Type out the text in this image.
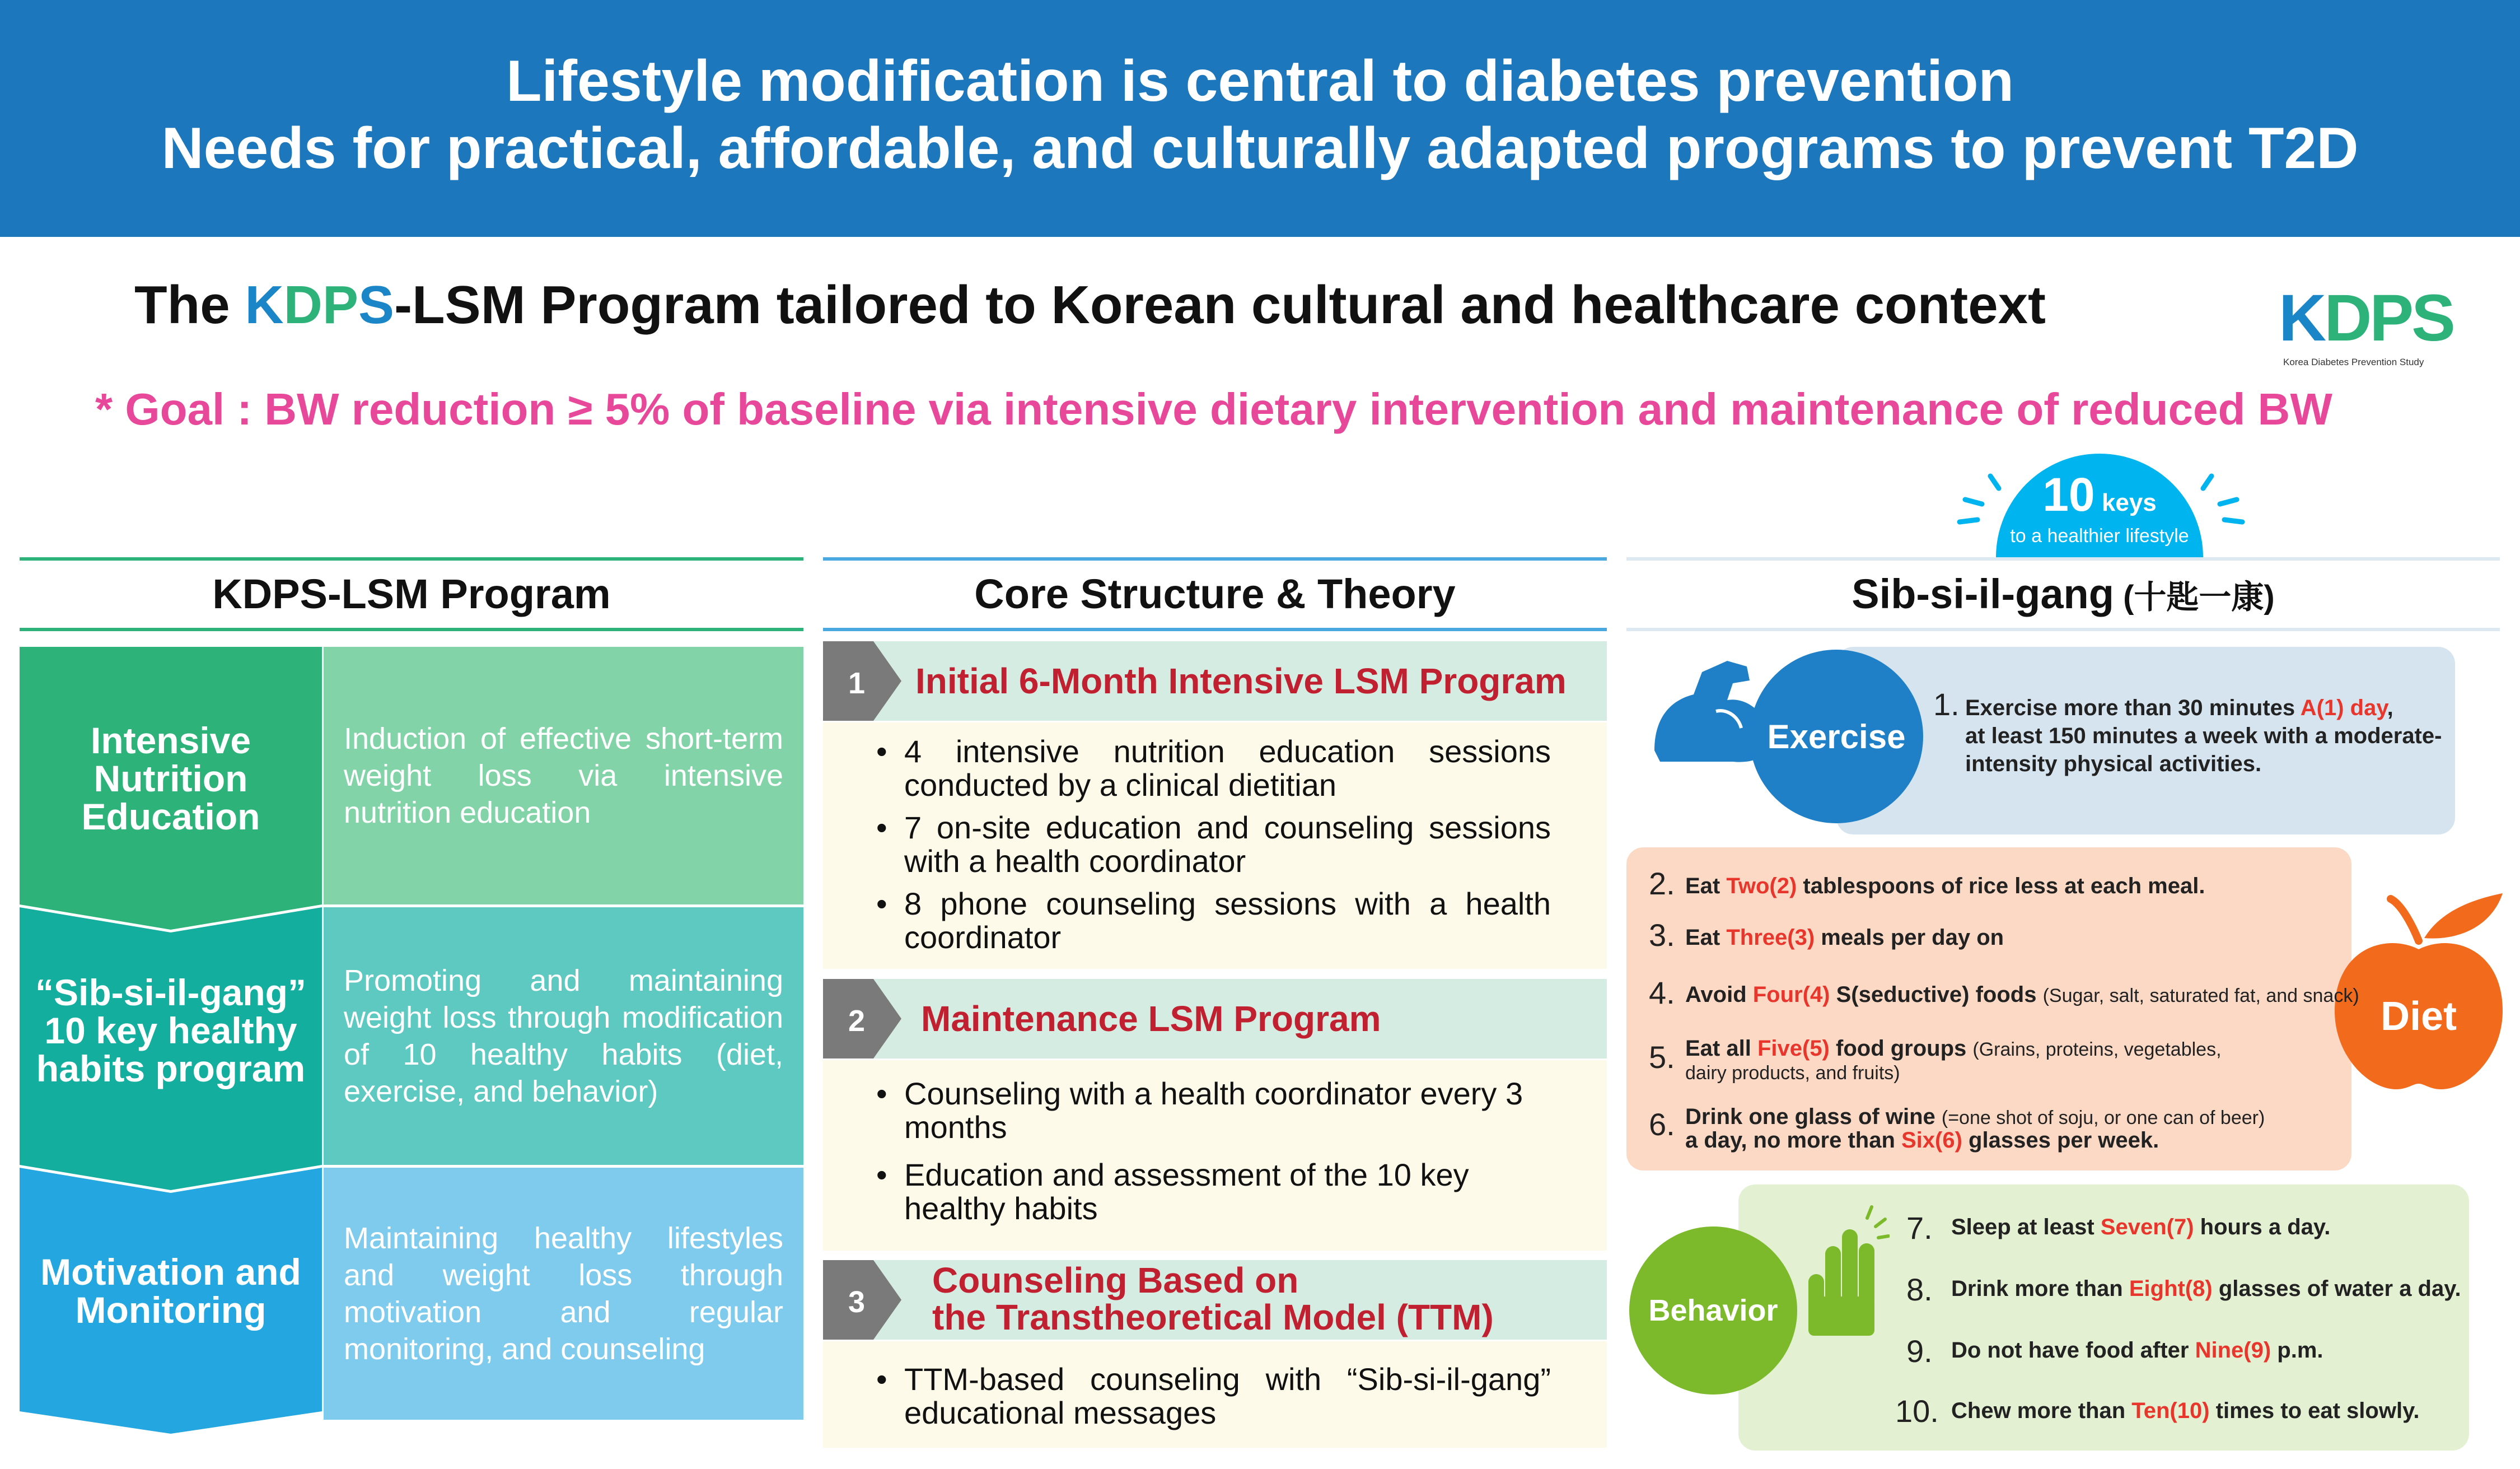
Lifestyle modification is central to diabetes prevention
Needs for practical, affordable, and culturally adapted programs to prevent T2D
The KDPS-LSM Program tailored to Korean cultural and healthcare context
* Goal : BW reduction ≥ 5% of baseline via intensive dietary intervention and maintenance of reduced BW
KDPS
Korea Diabetes Prevention Study
KDPS-LSM Program	Core Structure & Theory	Sib-si-il-gang (十匙一康)
10 keys
to a healthier lifestyle
Intensive Nutrition Education
Induction of effective short-term weight loss via intensive nutrition education
“Sib-si-il-gang” 10 key healthy habits program
Promoting and maintaining weight loss through modification of 10 healthy habits (diet, exercise, and behavior)
Motivation and Monitoring
Maintaining healthy lifestyles and weight loss through motivation and regular monitoring, and counseling
1	Initial 6-Month Intensive LSM Program
• 4 intensive nutrition education sessions conducted by a clinical dietitian
• 7 on-site education and counseling sessions with a health coordinator
• 8 phone counseling sessions with a health coordinator
2	Maintenance LSM Program
• Counseling with a health coordinator every 3 months
• Education and assessment of the 10 key healthy habits
3
Counseling Based on
the Transtheoretical Model (TTM)
• TTM-based counseling with “Sib-si-il-gang” educational messages
Exercise
1. Exercise more than 30 minutes A(1) day,
at least 150 minutes a week with a moderate-
intensity physical activities.
Diet
2. Eat Two(2) tablespoons of rice less at each meal.
3. Eat Three(3) meals per day on
4. Avoid Four(4) S(seductive) foods (Sugar, salt, saturated fat, and snack)
5. Eat all Five(5) food groups (Grains, proteins, vegetables,
dairy products, and fruits)
6. Drink one glass of wine (=one shot of soju, or one can of beer)
a day, no more than Six(6) glasses per week.
Behavior
7. Sleep at least Seven(7) hours a day.
8. Drink more than Eight(8) glasses of water a day.
9. Do not have food after Nine(9) p.m.
10. Chew more than Ten(10) times to eat slowly.
